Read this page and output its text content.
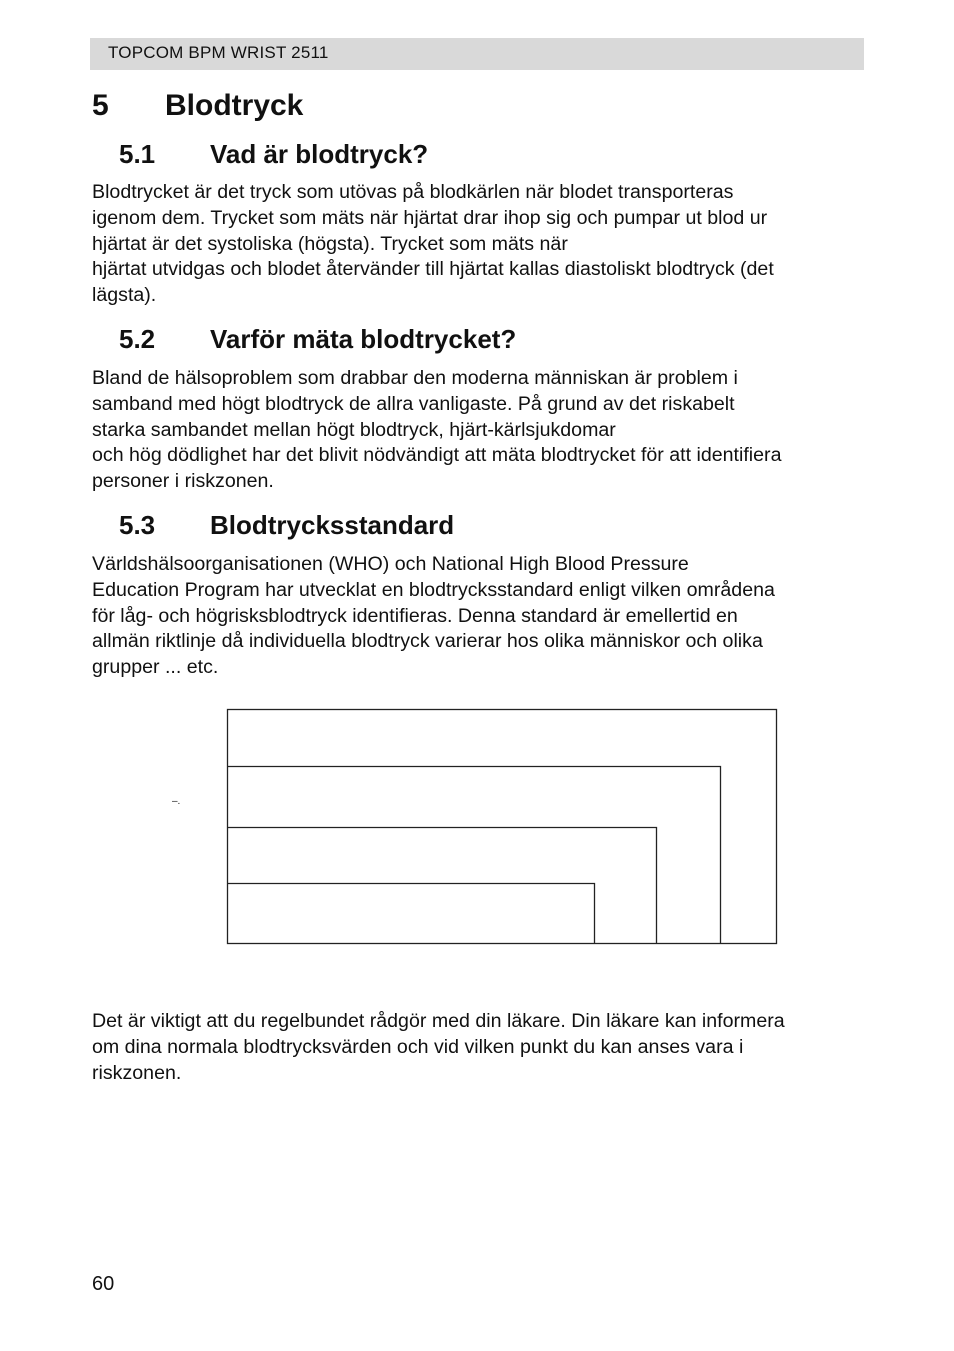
TOPCOM BPM WRIST 2511
5 Blodtryck
5.1 Vad är blodtryck?
Blodtrycket är det tryck som utövas på blodkärlen när blodet transporteras
igenom dem. Trycket som mäts när hjärtat drar ihop sig och pumpar ut blod ur
hjärtat är det systoliska (högsta). Trycket som mäts när
hjärtat utvidgas och blodet återvänder till hjärtat kallas diastoliskt blodtryck (det
lägsta).
5.2 Varför mäta blodtrycket?
Bland de hälsoproblem som drabbar den moderna människan är problem i
samband med högt blodtryck de allra vanligaste. På grund av det riskabelt
starka sambandet mellan högt blodtryck, hjärt-kärlsjukdomar
och hög dödlighet har det blivit nödvändigt att mäta blodtrycket för att identifiera
personer i riskzonen.
5.3 Blodtrycksstandard
Världshälsoorganisationen (WHO) och National High Blood Pressure
Education Program har utvecklat en blodtrycksstandard enligt vilken områdena
för låg- och högrisksblodtryck identifieras. Denna standard är emellertid en
allmän riktlinje då individuella blodtryck varierar hos olika människor och olika
grupper ... etc.
–.
Det är viktigt att du regelbundet rådgör med din läkare. Din läkare kan informera
om dina normala blodtrycksvärden och vid vilken punkt du kan anses vara i
riskzonen.
60
